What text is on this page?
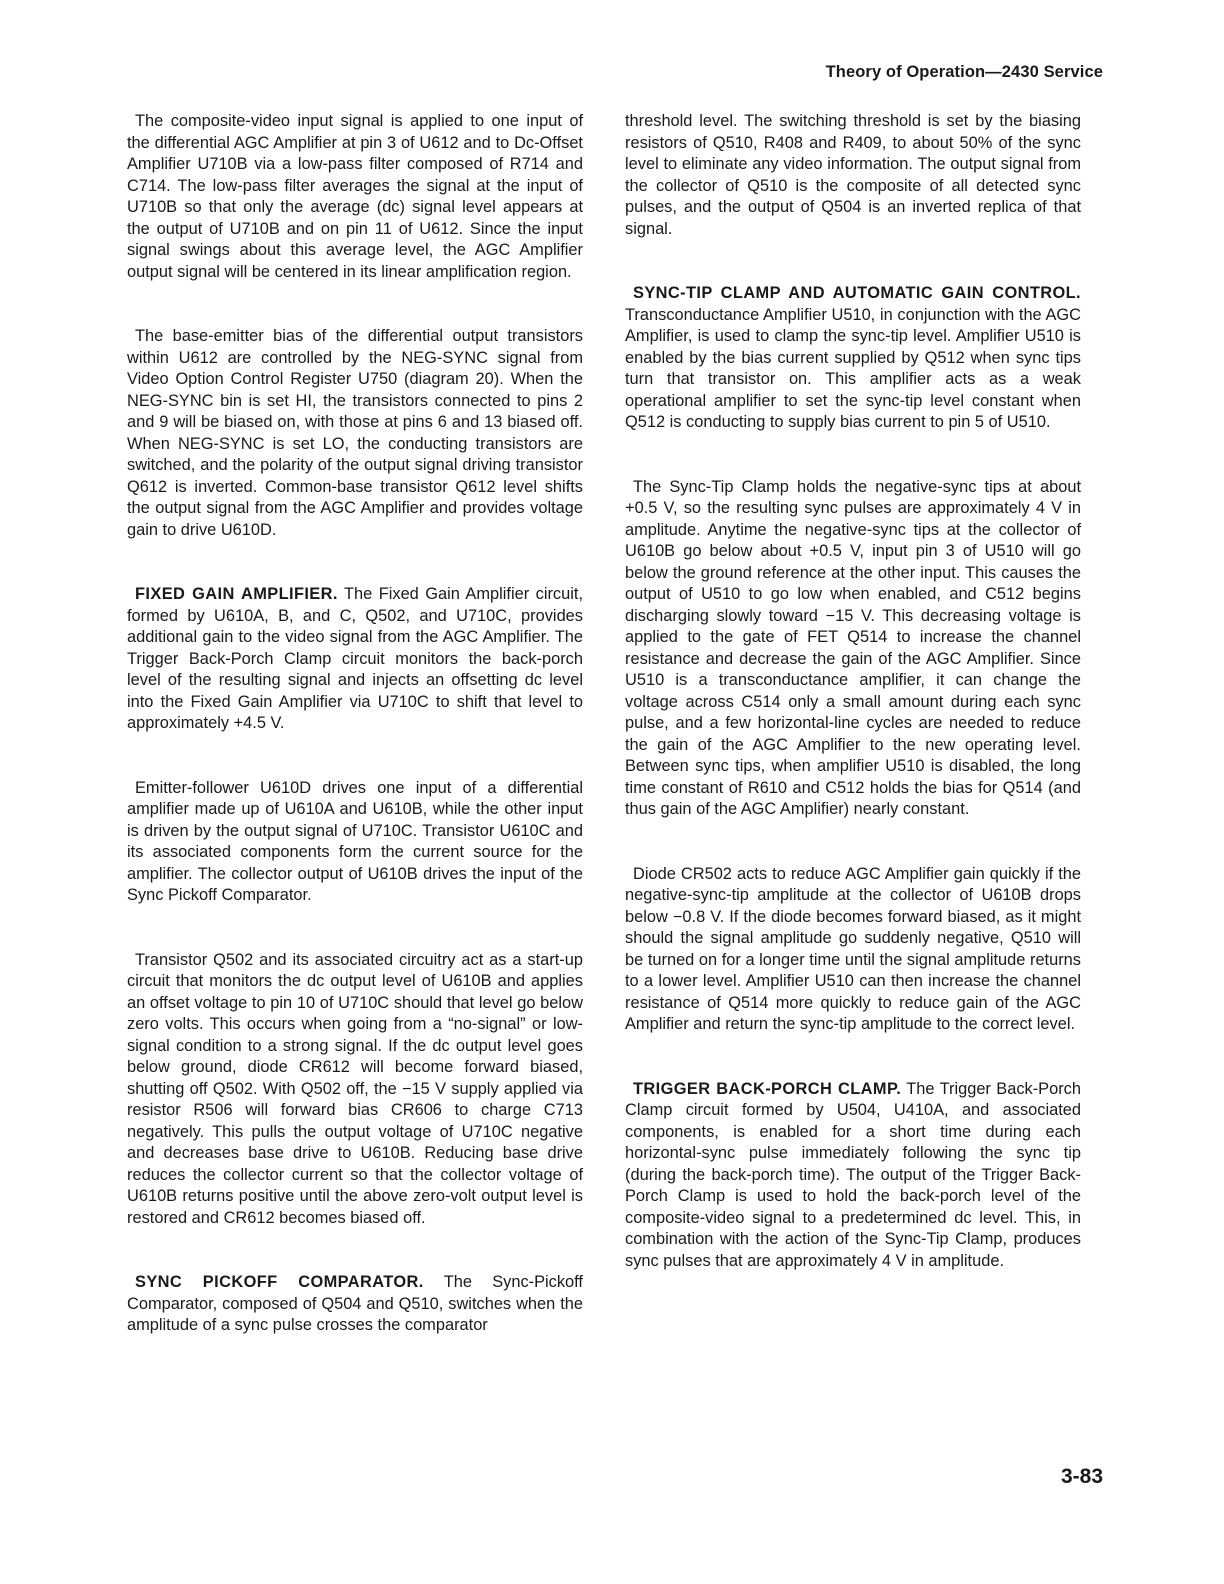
Theory of Operation—2430 Service

The composite-video input signal is applied to one input of the differential AGC Amplifier at pin 3 of U612 and to Dc-Offset Amplifier U710B via a low-pass filter composed of R714 and C714. The low-pass filter averages the signal at the input of U710B so that only the average (dc) signal level appears at the output of U710B and on pin 11 of U612. Since the input signal swings about this average level, the AGC Amplifier output signal will be centered in its linear amplification region.

The base-emitter bias of the differential output transistors within U612 are controlled by the NEG-SYNC signal from Video Option Control Register U750 (diagram 20). When the NEG-SYNC bin is set HI, the transistors connected to pins 2 and 9 will be biased on, with those at pins 6 and 13 biased off. When NEG-SYNC is set LO, the conducting transistors are switched, and the polarity of the output signal driving transistor Q612 is inverted. Common-base transistor Q612 level shifts the output signal from the AGC Amplifier and provides voltage gain to drive U610D.

FIXED GAIN AMPLIFIER. The Fixed Gain Amplifier circuit, formed by U610A, B, and C, Q502, and U710C, provides additional gain to the video signal from the AGC Amplifier. The Trigger Back-Porch Clamp circuit monitors the back-porch level of the resulting signal and injects an offsetting dc level into the Fixed Gain Amplifier via U710C to shift that level to approximately +4.5 V.

Emitter-follower U610D drives one input of a differential amplifier made up of U610A and U610B, while the other input is driven by the output signal of U710C. Transistor U610C and its associated components form the current source for the amplifier. The collector output of U610B drives the input of the Sync Pickoff Comparator.

Transistor Q502 and its associated circuitry act as a start-up circuit that monitors the dc output level of U610B and applies an offset voltage to pin 10 of U710C should that level go below zero volts. This occurs when going from a “no-signal” or low-signal condition to a strong signal. If the dc output level goes below ground, diode CR612 will become forward biased, shutting off Q502. With Q502 off, the −15 V supply applied via resistor R506 will forward bias CR606 to charge C713 negatively. This pulls the output voltage of U710C negative and decreases base drive to U610B. Reducing base drive reduces the collector current so that the collector voltage of U610B returns positive until the above zero-volt output level is restored and CR612 becomes biased off.

SYNC PICKOFF COMPARATOR. The Sync-Pickoff Comparator, composed of Q504 and Q510, switches when the amplitude of a sync pulse crosses the comparator

threshold level. The switching threshold is set by the biasing resistors of Q510, R408 and R409, to about 50% of the sync level to eliminate any video information. The output signal from the collector of Q510 is the composite of all detected sync pulses, and the output of Q504 is an inverted replica of that signal.

SYNC-TIP CLAMP AND AUTOMATIC GAIN CONTROL. Transconductance Amplifier U510, in conjunction with the AGC Amplifier, is used to clamp the sync-tip level. Amplifier U510 is enabled by the bias current supplied by Q512 when sync tips turn that transistor on. This amplifier acts as a weak operational amplifier to set the sync-tip level constant when Q512 is conducting to supply bias current to pin 5 of U510.

The Sync-Tip Clamp holds the negative-sync tips at about +0.5 V, so the resulting sync pulses are approximately 4 V in amplitude. Anytime the negative-sync tips at the collector of U610B go below about +0.5 V, input pin 3 of U510 will go below the ground reference at the other input. This causes the output of U510 to go low when enabled, and C512 begins discharging slowly toward −15 V. This decreasing voltage is applied to the gate of FET Q514 to increase the channel resistance and decrease the gain of the AGC Amplifier. Since U510 is a transconductance amplifier, it can change the voltage across C514 only a small amount during each sync pulse, and a few horizontal-line cycles are needed to reduce the gain of the AGC Amplifier to the new operating level. Between sync tips, when amplifier U510 is disabled, the long time constant of R610 and C512 holds the bias for Q514 (and thus gain of the AGC Amplifier) nearly constant.

Diode CR502 acts to reduce AGC Amplifier gain quickly if the negative-sync-tip amplitude at the collector of U610B drops below −0.8 V. If the diode becomes forward biased, as it might should the signal amplitude go suddenly negative, Q510 will be turned on for a longer time until the signal amplitude returns to a lower level. Amplifier U510 can then increase the channel resistance of Q514 more quickly to reduce gain of the AGC Amplifier and return the sync-tip amplitude to the correct level.

TRIGGER BACK-PORCH CLAMP. The Trigger Back-Porch Clamp circuit formed by U504, U410A, and associated components, is enabled for a short time during each horizontal-sync pulse immediately following the sync tip (during the back-porch time). The output of the Trigger Back-Porch Clamp is used to hold the back-porch level of the composite-video signal to a predetermined dc level. This, in combination with the action of the Sync-Tip Clamp, produces sync pulses that are approximately 4 V in amplitude.

3-83
